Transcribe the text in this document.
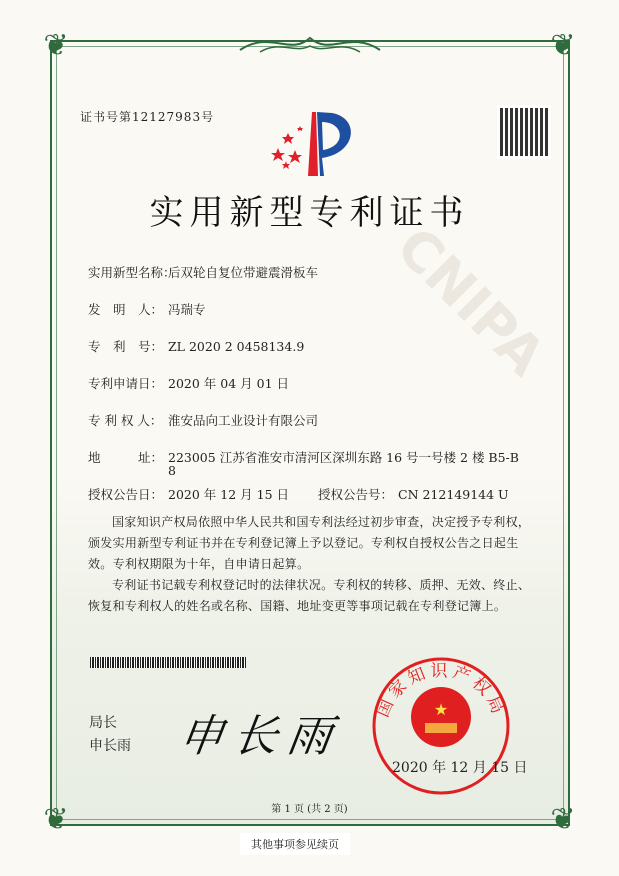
❦	❦
❦	❦
CNIPA
证书号第12127983号
实用新型专利证书
实用新型名称：后双轮自复位带避震滑板车
发　明　人： 冯瑞专
专　利　号： ZL 2020 2 0458134.9
专利申请日： 2020 年 04 月 01 日
专 利 权 人： 淮安品向工业设计有限公司
地　　　址： 223005 江苏省淮安市清河区深圳东路 16 号一号楼 2 楼 B5-B
8
授权公告日： 2020 年 12 月 15 日 授权公告号： CN 212149144 U
国家知识产权局依照中华人民共和国专利法经过初步审查，决定授予专利权，颁发实用新型专利证书并在专利登记簿上予以登记。专利权自授权公告之日起生效。专利权期限为十年，自申请日起算。
专利证书记载专利权登记时的法律状况。专利权的转移、质押、无效、终止、恢复和专利权人的姓名或名称、国籍、地址变更等事项记载在专利登记簿上。
局长
申长雨 申长雨
国家知识产权局
★
2020 年 12 月 15 日
第 1 页 (共 2 页)
其他事项参见续页
